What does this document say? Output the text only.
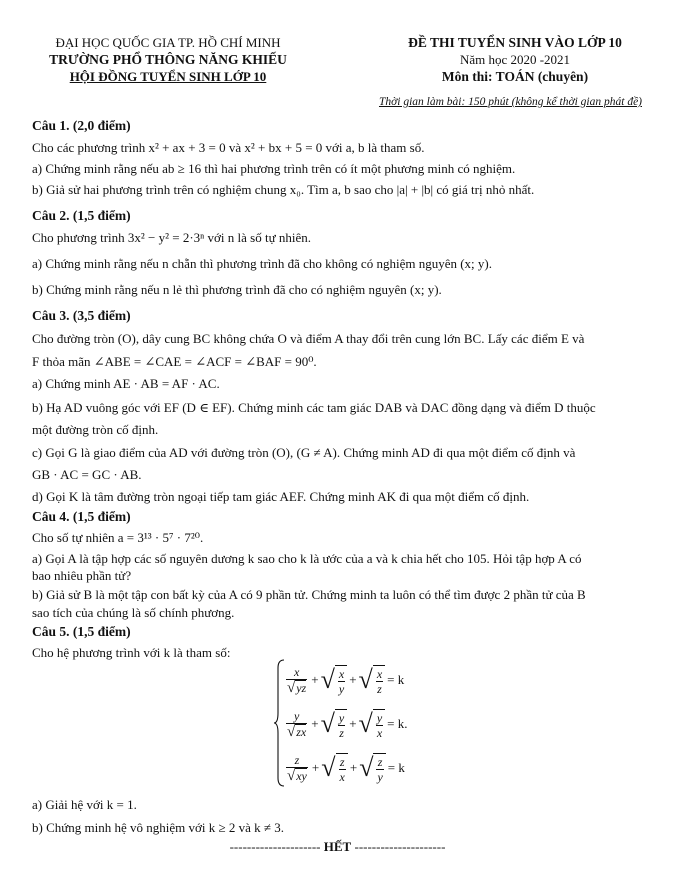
ĐẠI HỌC QUỐC GIA TP. HỒ CHÍ MINH
TRƯỜNG PHỔ THÔNG NĂNG KHIẾU
HỘI ĐỒNG TUYỂN SINH LỚP 10
ĐỀ THI TUYỂN SINH VÀO LỚP 10
Năm học 2020 -2021
Môn thi: TOÁN (chuyên)
Thời gian làm bài: 150 phút (không kể thời gian phát đề)
Câu 1. (2,0 điểm)
Cho các phương trình x² + ax + 3 = 0 và x² + bx + 5 = 0 với a, b là tham số.
a) Chứng minh rằng nếu ab ≥ 16 thì hai phương trình trên có ít một phương minh có nghiệm.
b) Giả sử hai phương trình trên có nghiệm chung x₀. Tìm a, b sao cho |a| + |b| có giá trị nhỏ nhất.
Câu 2. (1,5 điểm)
Cho phương trình 3x² − y² = 2·3ⁿ với n là số tự nhiên.
a) Chứng minh rằng nếu n chẵn thì phương trình đã cho không có nghiệm nguyên (x; y).
b) Chứng minh rằng nếu n lẻ thì phương trình đã cho có nghiệm nguyên (x; y).
Câu 3. (3,5 điểm)
Cho đường tròn (O), dây cung BC không chứa O và điểm A thay đổi trên cung lớn BC. Lấy các điểm E và
F thỏa mãn ∠ABE = ∠CAE = ∠ACF = ∠BAF = 90⁰.
a) Chứng minh AE · AB = AF · AC.
b) Hạ AD vuông góc với EF (D ∈ EF). Chứng minh các tam giác DAB và DAC đồng dạng và điểm D thuộc
một đường tròn cố định.
c) Gọi G là giao điểm của AD với đường tròn (O), (G ≠ A). Chứng minh AD đi qua một điểm cố định và
GB · AC = GC · AB.
d) Gọi K là tâm đường tròn ngoại tiếp tam giác AEF. Chứng minh AK đi qua một điểm cố định.
Câu 4. (1,5 điểm)
Cho số tự nhiên a = 3¹³ · 5⁷ · 7²⁰.
a) Gọi A là tập hợp các số nguyên dương k sao cho k là ước của a và k chia hết cho 105. Hỏi tập hợp A có
bao nhiêu phần tử?
b) Giả sử B là một tập con bất kỳ của A có 9 phần tử. Chứng minh ta luôn có thể tìm được 2 phần tử của B
sao tích của chúng là số chính phương.
Câu 5. (1,5 điểm)
Cho hệ phương trình với k là tham số:
a) Giải hệ với k = 1.
b) Chứng minh hệ vô nghiệm với k ≥ 2 và k ≠ 3.
$\frac{x}{√ yz}$ + √ $\frac{x}{y}$ + √ $\frac{x}{z} = k$
$\frac{y}{√ zx}$ + √ $\frac{y}{z}$ + √ $\frac{y}{x} = k$.
$\frac{z}{√ xy}$ + √ $\frac{z}{x}$ + √ $\frac{z}{y} = k$
--------------------- HẾT ---------------------
